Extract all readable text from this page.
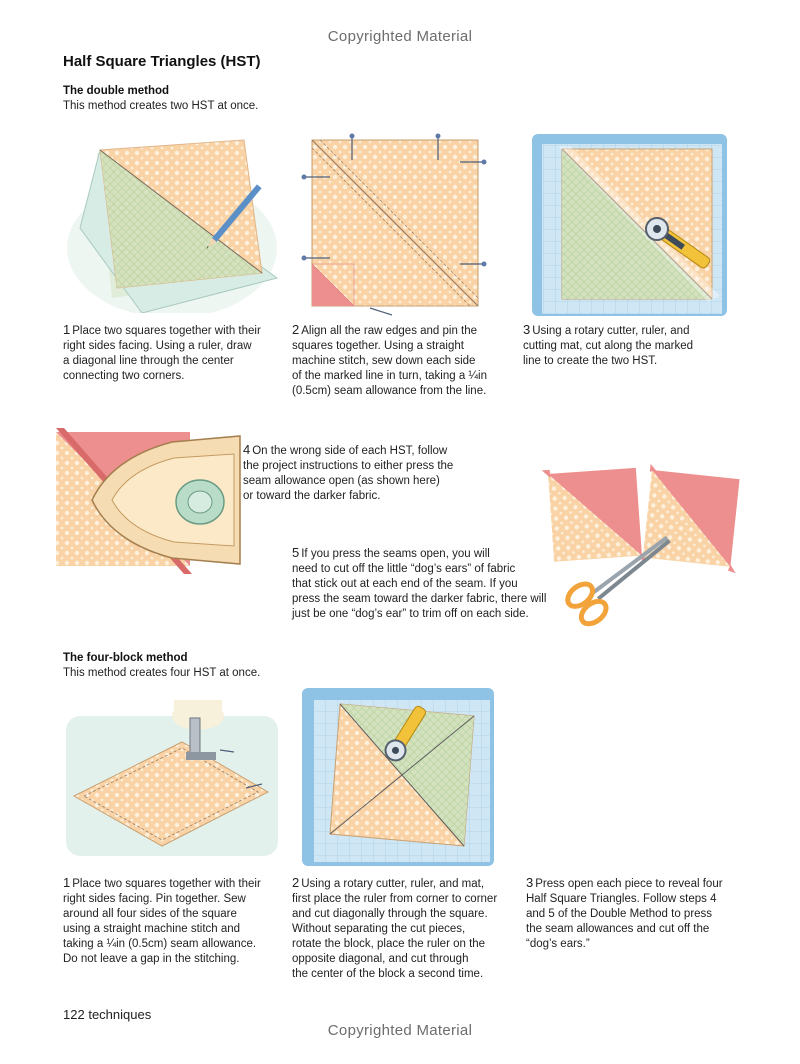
Copyrighted Material
Half Square Triangles (HST)
The double method
This method creates two HST at once.
1 Place two squares together with their
right sides facing. Using a ruler, draw
a diagonal line through the center
connecting two corners.
2 Align all the raw edges and pin the
squares together. Using a straight
machine stitch, sew down each side
of the marked line in turn, taking a ¼in
(0.5cm) seam allowance from the line.
3 Using a rotary cutter, ruler, and
cutting mat, cut along the marked
line to create the two HST.
4 On the wrong side of each HST, follow
the project instructions to either press the
seam allowance open (as shown here)
or toward the darker fabric.
5 If you press the seams open, you will
need to cut off the little “dog’s ears” of fabric
that stick out at each end of the seam. If you
press the seam toward the darker fabric, there will
just be one “dog’s ear” to trim off on each side.
The four-block method
This method creates four HST at once.
1 Place two squares together with their
right sides facing. Pin together. Sew
around all four sides of the square
using a straight machine stitch and
taking a ¼in (0.5cm) seam allowance.
Do not leave a gap in the stitching.
2 Using a rotary cutter, ruler, and mat,
first place the ruler from corner to corner
and cut diagonally through the square.
Without separating the cut pieces,
rotate the block, place the ruler on the
opposite diagonal, and cut through
the center of the block a second time.
3 Press open each piece to reveal four
Half Square Triangles. Follow steps 4
and 5 of the Double Method to press
the seam allowances and cut off the
“dog’s ears.”
122 techniques
Copyrighted Material
